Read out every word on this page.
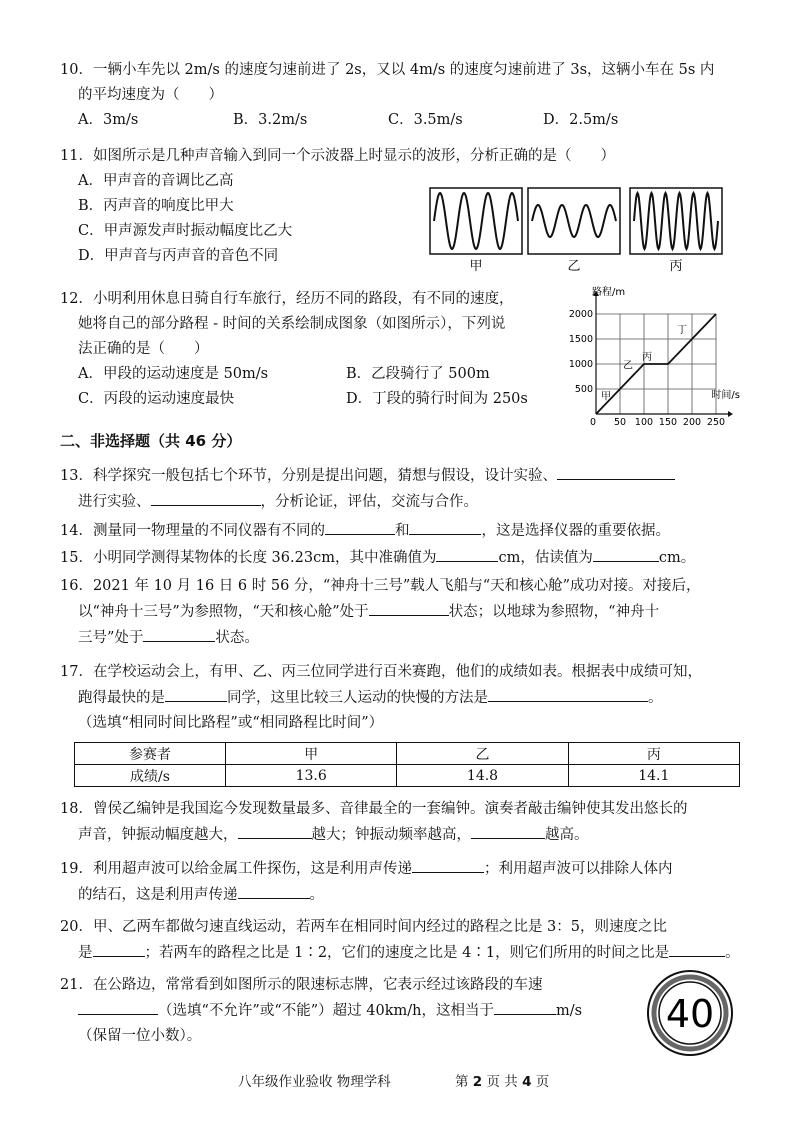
10．一辆小车先以 2m/s 的速度匀速前进了 2s，又以 4m/s 的速度匀速前进了 3s，这辆小车在 5s 内
的平均速度为（　　）
A．3m/s	B．3.2m/s	C．3.5m/s	D．2.5m/s
11．如图所示是几种声音输入到同一个示波器上时显示的波形，分析正确的是（　　）
A．甲声音的音调比乙高
B．丙声音的响度比甲大
C．甲声源发声时振动幅度比乙大
D．甲声音与丙声音的音色不同
甲	乙	丙
12．小明利用休息日骑自行车旅行，经历不同的路段，有不同的速度，
她将自己的部分路程 - 时间的关系绘制成图象（如图所示），下列说
法正确的是（　　）
A．甲段的运动速度是 50m/s	B．乙段骑行了 500m
C．丙段的运动速度最快	D．丁段的骑行时间为 250s
0 50 100 150 200 250
500
1000
1500
2000
甲
乙
丙
丁
路程/m
时间/s
二、非选择题（共 46 分）
13．科学探究一般包括七个环节，分别是提出问题，猜想与假设，设计实验、
进行实验、	，分析论证，评估，交流与合作。
14．测量同一物理量的不同仪器有不同的	和	，这是选择仪器的重要依据。
15．小明同学测得某物体的长度 36.23cm，其中准确值为	cm，估读值为	cm。
16．2021 年 10 月 16 日 6 时 56 分，“神舟十三号”载人飞船与“天和核心舱”成功对接。对接后，
以“神舟十三号”为参照物，“天和核心舱”处于	状态；以地球为参照物，“神舟十
三号”处于	状态。
17．在学校运动会上，有甲、乙、丙三位同学进行百米赛跑，他们的成绩如表。根据表中成绩可知，
跑得最快的是	同学，这里比较三人运动的快慢的方法是	。
（选填“相同时间比路程”或“相同路程比时间”）
参赛者	甲	乙	丙
成绩/s	13.6	14.8	14.1
18．曾侯乙编钟是我国迄今发现数量最多、音律最全的一套编钟。演奏者敲击编钟使其发出悠长的
声音，钟振动幅度越大，	越大；钟振动频率越高，	越高。
19．利用超声波可以给金属工件探伤，这是利用声传递	；利用超声波可以排除人体内
的结石，这是利用声传递	。
20．甲、乙两车都做匀速直线运动，若两车在相同时间内经过的路程之比是 3：5，则速度之比
是	；若两车的路程之比是 1∶2，它们的速度之比是 4∶1，则它们所用的时间之比是	。
21．在公路边，常常看到如图所示的限速标志牌，它表示经过该路段的车速
（选填“不允许”或“不能”）超过 40km/h，这相当于	m/s
（保留一位小数）。	40
八年级作业验收 物理学科	第 2 页 共 4 页
